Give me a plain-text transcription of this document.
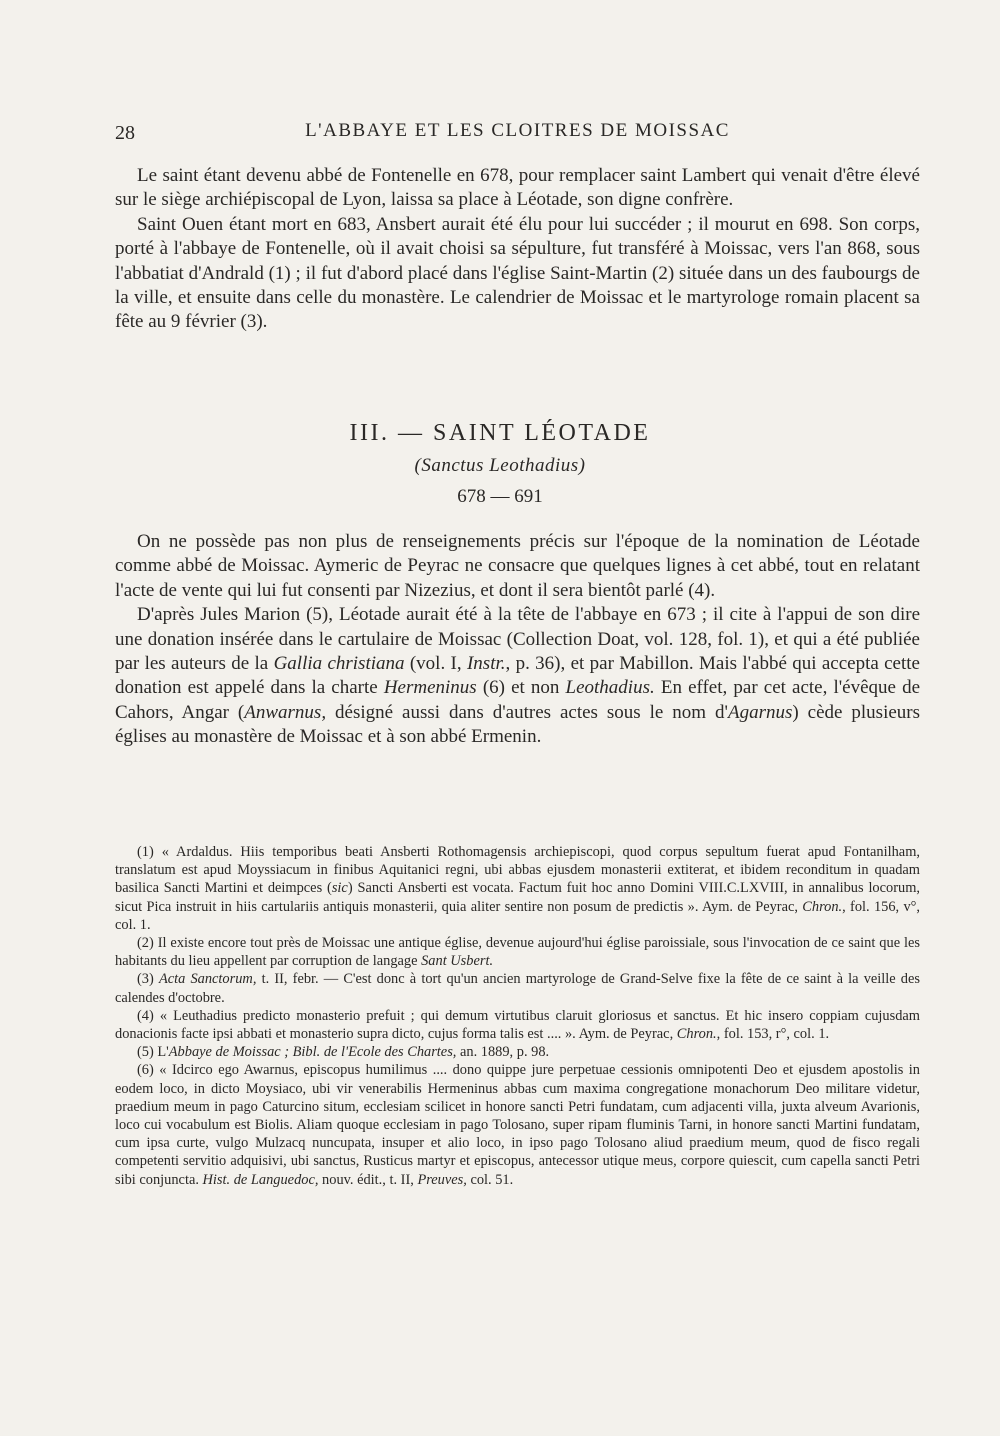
28	L'ABBAYE ET LES CLOITRES DE MOISSAC

Le saint étant devenu abbé de Fontenelle en 678, pour remplacer saint Lambert qui venait d'être élevé sur le siège archiépiscopal de Lyon, laissa sa place à Léotade, son digne confrère.

Saint Ouen étant mort en 683, Ansbert aurait été élu pour lui succéder ; il mourut en 698. Son corps, porté à l'abbaye de Fontenelle, où il avait choisi sa sépulture, fut transféré à Moissac, vers l'an 868, sous l'abbatiat d'Andrald (1) ; il fut d'abord placé dans l'église Saint-Martin (2) située dans un des faubourgs de la ville, et ensuite dans celle du monastère. Le calendrier de Moissac et le martyrologe romain placent sa fête au 9 février (3).

III. — SAINT LÉOTADE
(Sanctus Leothadius)
678 — 691

On ne possède pas non plus de renseignements précis sur l'époque de la nomination de Léotade comme abbé de Moissac. Aymeric de Peyrac ne consacre que quelques lignes à cet abbé, tout en relatant l'acte de vente qui lui fut consenti par Nizezius, et dont il sera bientôt parlé (4).

D'après Jules Marion (5), Léotade aurait été à la tête de l'abbaye en 673 ; il cite à l'appui de son dire une donation insérée dans le cartulaire de Moissac (Collection Doat, vol. 128, fol. 1), et qui a été publiée par les auteurs de la Gallia christiana (vol. I, Instr., p. 36), et par Mabillon. Mais l'abbé qui accepta cette donation est appelé dans la charte Hermeninus (6) et non Leothadius. En effet, par cet acte, l'évêque de Cahors, Angar (Anwarnus, désigné aussi dans d'autres actes sous le nom d'Agarnus) cède plusieurs églises au monastère de Moissac et à son abbé Ermenin.

(1) « Ardaldus. Hiis temporibus beati Ansberti Rothomagensis archiepiscopi, quod corpus sepultum fuerat apud Fontanilham, translatum est apud Moyssiacum in finibus Aquitanici regni, ubi abbas ejusdem monasterii extiterat, et ibidem reconditum in quadam basilica Sancti Martini et deimpces (sic) Sancti Ansberti est vocata. Factum fuit hoc anno Domini VIII.C.LXVIII, in annalibus locorum, sicut Pica instruit in hiis cartulariis antiquis monasterii, quia aliter sentire non posum de predictis ». Aym. de Peyrac, Chron., fol. 156, v°, col. 1.

(2) Il existe encore tout près de Moissac une antique église, devenue aujourd'hui église paroissiale, sous l'invocation de ce saint que les habitants du lieu appellent par corruption de langage Sant Usbert.

(3) Acta Sanctorum, t. II, febr. — C'est donc à tort qu'un ancien martyrologe de Grand-Selve fixe la fête de ce saint à la veille des calendes d'octobre.

(4) « Leuthadius predicto monasterio prefuit ; qui demum virtutibus claruit gloriosus et sanctus. Et hic insero coppiam cujusdam donacionis facte ipsi abbati et monasterio supra dicto, cujus forma talis est .... ». Aym. de Peyrac, Chron., fol. 153, r°, col. 1.

(5) L'Abbaye de Moissac ; Bibl. de l'Ecole des Chartes, an. 1889, p. 98.

(6) « Idcirco ego Awarnus, episcopus humilimus .... dono quippe jure perpetuae cessionis omnipotenti Deo et ejusdem apostolis in eodem loco, in dicto Moysiaco, ubi vir venerabilis Hermeninus abbas cum maxima congregatione monachorum Deo militare videtur, praedium meum in pago Caturcino situm, ecclesiam scilicet in honore sancti Petri fundatam, cum adjacenti villa, juxta alveum Avarionis, loco cui vocabulum est Biolis. Aliam quoque ecclesiam in pago Tolosano, super ripam fluminis Tarni, in honore sancti Martini fundatam, cum ipsa curte, vulgo Mulzacq nuncupata, insuper et alio loco, in ipso pago Tolosano aliud praedium meum, quod de fisco regali competenti servitio adquisivi, ubi sanctus, Rusticus martyr et episcopus, antecessor utique meus, corpore quiescit, cum capella sancti Petri sibi conjuncta. Hist. de Languedoc, nouv. édit., t. II, Preuves, col. 51.
